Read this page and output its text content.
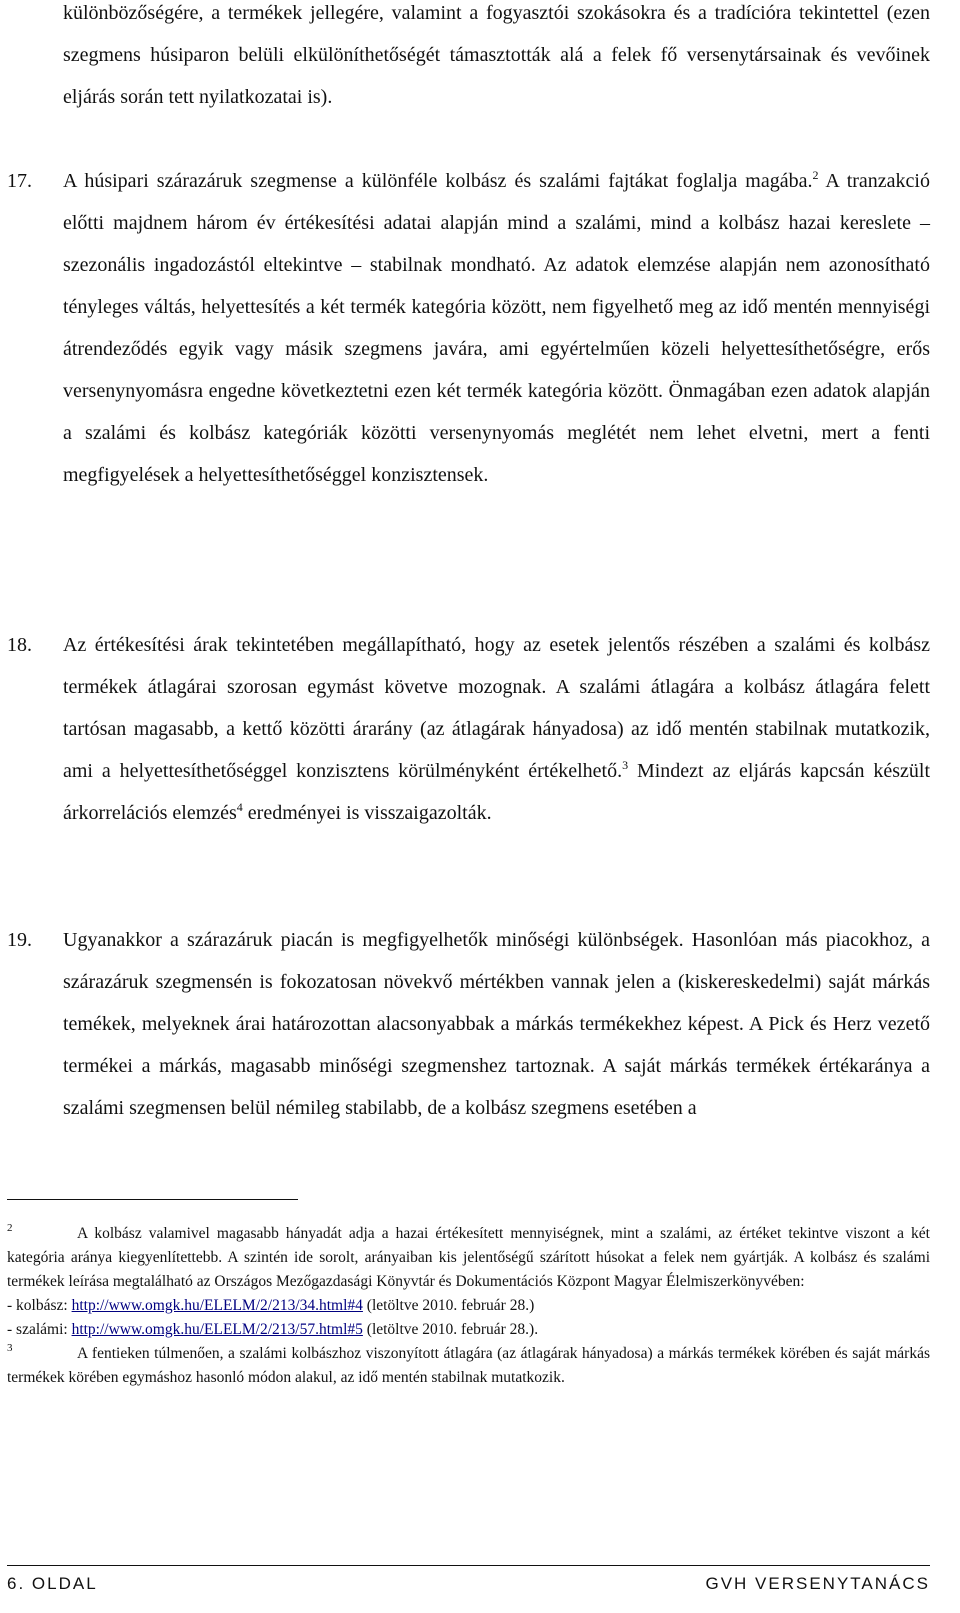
különbözőségére, a termékek jellegére, valamint a fogyasztói szokásokra és a tradícióra tekintettel (ezen szegmens húsiparon belüli elkülöníthetőségét támasztották alá a felek fő versenytársainak és vevőinek eljárás során tett nyilatkozatai is).
17.	A húsipari szárazáruk szegmense a különféle kolbász és szalámi fajtákat foglalja magába.$^2$ A tranzakció előtti majdnem három év értékesítési adatai alapján mind a szalámi, mind a kolbász hazai kereslete – szezonális ingadozástól eltekintve – stabilnak mondható. Az adatok elemzése alapján nem azonosítható tényleges váltás, helyettesítés a két termék kategória között, nem figyelhető meg az idő mentén mennyiségi átrendeződés egyik vagy másik szegmens javára, ami egyértelműen közeli helyettesíthetőségre, erős versenynyomásra engedne következtetni ezen két termék kategória között. Önmagában ezen adatok alapján a szalámi és kolbász kategóriák közötti versenynyomás meglétét nem lehet elvetni, mert a fenti megfigyelések a helyettesíthetőséggel konzisztensek.
18.	Az értékesítési árak tekintetében megállapítható, hogy az esetek jelentős részében a szalámi és kolbász termékek átlagárai szorosan egymást követve mozognak. A szalámi átlagára a kolbász átlagára felett tartósan magasabb, a kettő közötti árarány (az átlagárak hányadosa) az idő mentén stabilnak mutatkozik, ami a helyettesíthetőséggel konzisztens körülményként értékelhető.$^3$ Mindezt az eljárás kapcsán készült árkorrelációs elemzés$^4$ eredményei is visszaigazolták.
19.	Ugyanakkor a szárazáruk piacán is megfigyelhetők minőségi különbségek. Hasonlóan más piacokhoz, a szárazáruk szegmensén is fokozatosan növekvő mértékben vannak jelen a (kiskereskedelmi) saját márkás temékek, melyeknek árai határozottan alacsonyabbak a márkás termékekhez képest. A Pick és Herz vezető termékei a márkás, magasabb minőségi szegmenshez tartoznak. A saját márkás termékek értékaránya a szalámi szegmensen belül némileg stabilabb, de a kolbász szegmens esetében a
2	A kolbász valamivel magasabb hányadát adja a hazai értékesített mennyiségnek, mint a szalámi, az értéket tekintve viszont a két kategória aránya kiegyenlítettebb. A szintén ide sorolt, arányaiban kis jelentőségű szárított húsokat a felek nem gyártják. A kolbász és szalámi termékek leírása megtalálható az Országos Mezőgazdasági Könyvtár és Dokumentációs Központ Magyar Élelmiszerkönyvében:
- kolbász: http://www.omgk.hu/ELELM/2/213/34.html#4 (letöltve 2010. február 28.)
- szalámi: http://www.omgk.hu/ELELM/2/213/57.html#5 (letöltve 2010. február 28.).
3	A fentieken túlmenően, a szalámi kolbászhoz viszonyított átlagára (az átlagárak hányadosa) a márkás termékek körében és saját márkás termékek körében egymáshoz hasonló módon alakul, az idő mentén stabilnak mutatkozik.
6. OLDAL	GVH VERSENYTANÁCS
